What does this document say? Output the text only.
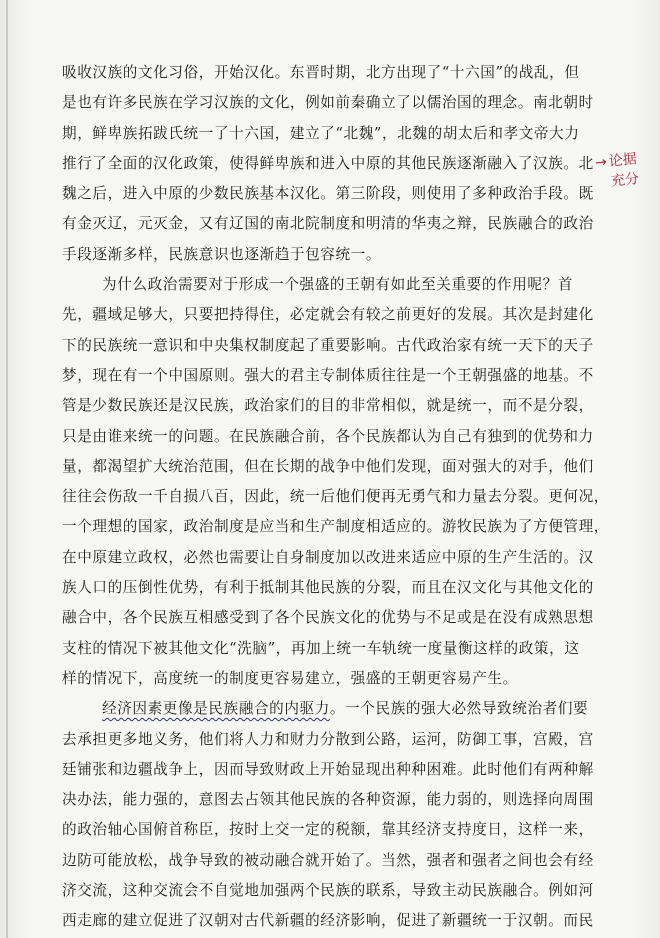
吸收汉族的文化习俗，开始汉化。东晋时期，北方出现了“十六国”的战乱，但
是也有许多民族在学习汉族的文化，例如前秦确立了以儒治国的理念。南北朝时
期，鲜卑族拓跋氏统一了十六国，建立了“北魏”，北魏的胡太后和孝文帝大力
推行了全面的汉化政策，使得鲜卑族和进入中原的其他民族逐渐融入了汉族。北
魏之后，进入中原的少数民族基本汉化。第三阶段，则使用了多种政治手段。既
有金灭辽，元灭金，又有辽国的南北院制度和明清的华夷之辩，民族融合的政治
手段逐渐多样，民族意识也逐渐趋于包容统一。
为什么政治需要对于形成一个强盛的王朝有如此至关重要的作用呢？首
先，疆域足够大，只要把持得住，必定就会有较之前更好的发展。其次是封建化
下的民族统一意识和中央集权制度起了重要影响。古代政治家有统一天下的天子
梦，现在有一个中国原则。强大的君主专制体质往往是一个王朝强盛的地基。不
管是少数民族还是汉民族，政治家们的目的非常相似，就是统一，而不是分裂，
只是由谁来统一的问题。在民族融合前，各个民族都认为自己有独到的优势和力
量，都渴望扩大统治范围，但在长期的战争中他们发现，面对强大的对手，他们
往往会伤敌一千自损八百，因此，统一后他们便再无勇气和力量去分裂。更何况，
一个理想的国家，政治制度是应当和生产制度相适应的。游牧民族为了方便管理，
在中原建立政权，必然也需要让自身制度加以改进来适应中原的生产生活的。汉
族人口的压倒性优势，有利于抵制其他民族的分裂，而且在汉文化与其他文化的
融合中，各个民族互相感受到了各个民族文化的优势与不足或是在没有成熟思想
支柱的情况下被其他文化“洗脑”，再加上统一车轨统一度量衡这样的政策，这
样的情况下，高度统一的制度更容易建立，强盛的王朝更容易产生。
经济因素更像是民族融合的内驱力。一个民族的强大必然导致统治者们要
去承担更多地义务，他们将人力和财力分散到公路，运河，防御工事，宫殿，宫
廷铺张和边疆战争上，因而导致财政上开始显现出种种困难。此时他们有两种解
决办法，能力强的，意图去占领其他民族的各种资源，能力弱的，则选择向周围
的政治轴心国俯首称臣，按时上交一定的税额，靠其经济支持度日，这样一来，
边防可能放松，战争导致的被动融合就开始了。当然，强者和强者之间也会有经
济交流，这种交流会不自觉地加强两个民族的联系，导致主动民族融合。例如河
西走廊的建立促进了汉朝对古代新疆的经济影响，促进了新疆统一于汉朝。而民
→论据
充分
